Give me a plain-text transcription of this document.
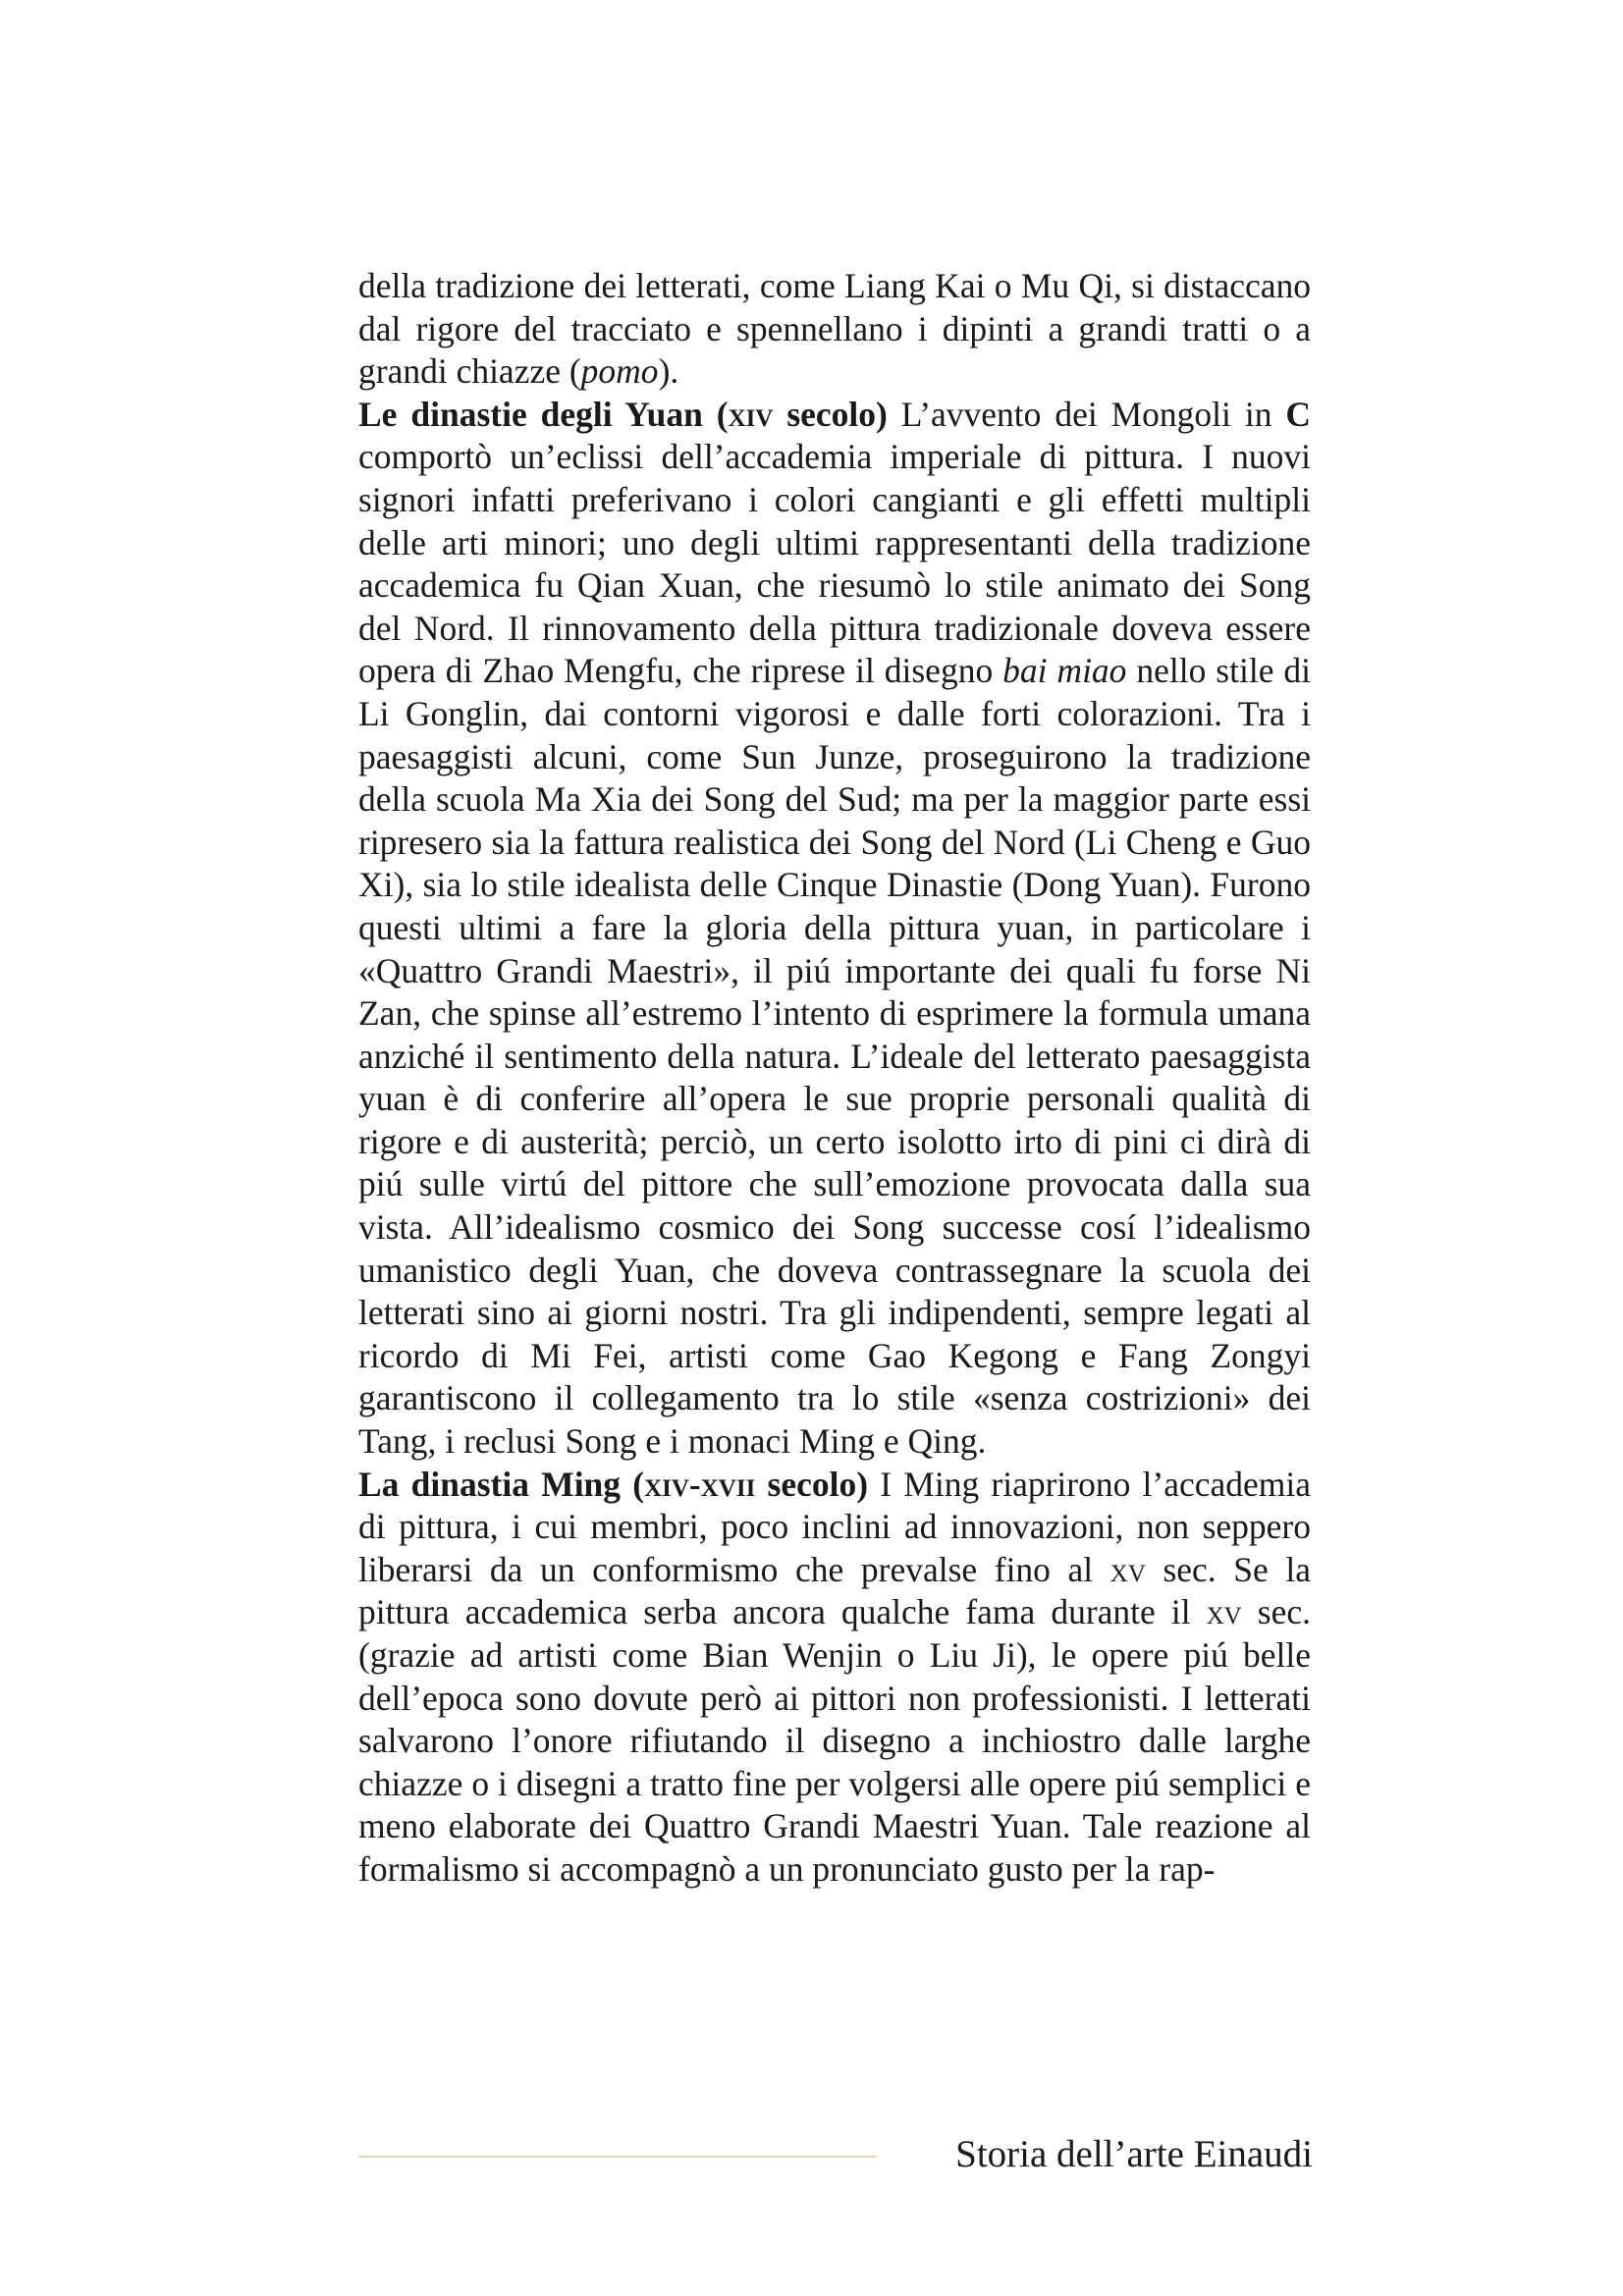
della tradizione dei letterati, come Liang Kai o Mu Qi, si distaccano dal rigore del tracciato e spennellano i dipinti a grandi tratti o a grandi chiazze (pomo).

Le dinastie degli Yuan (xiv secolo) L’avvento dei Mongoli in C comportò un’eclissi dell’accademia imperiale di pittura. I nuovi signori infatti preferivano i colori cangianti e gli effetti multipli delle arti minori; uno degli ultimi rappresentanti della tradizione accademica fu Qian Xuan, che riesumò lo stile animato dei Song del Nord. Il rinnovamento della pittura tradizionale doveva essere opera di Zhao Mengfu, che riprese il disegno bai miao nello stile di Li Gonglin, dai contorni vigorosi e dalle forti colorazioni. Tra i paesaggisti alcuni, come Sun Junze, proseguirono la tradizione della scuola Ma Xia dei Song del Sud; ma per la maggior parte essi ripresero sia la fattura realistica dei Song del Nord (Li Cheng e Guo Xi), sia lo stile idealista delle Cinque Dinastie (Dong Yuan). Furono questi ultimi a fare la gloria della pittura yuan, in particolare i «Quattro Grandi Maestri», il piú importante dei quali fu forse Ni Zan, che spinse all’estremo l’intento di esprimere la formula umana anziché il sentimento della natura. L’ideale del letterato paesaggista yuan è di conferire all’opera le sue proprie personali qualità di rigore e di austerità; perciò, un certo isolotto irto di pini ci dirà di piú sulle virtú del pittore che sull’emozione provocata dalla sua vista. All’idealismo cosmico dei Song successe cosí l’idealismo umanistico degli Yuan, che doveva contrassegnare la scuola dei letterati sino ai giorni nostri. Tra gli indipendenti, sempre legati al ricordo di Mi Fei, artisti come Gao Kegong e Fang Zongyi garantiscono il collegamento tra lo stile «senza costrizioni» dei Tang, i reclusi Song e i monaci Ming e Qing.

La dinastia Ming (xiv-xvii secolo) I Ming riaprirono l’accademia di pittura, i cui membri, poco inclini ad innovazioni, non seppero liberarsi da un conformismo che prevalse fino al xv sec. Se la pittura accademica serba ancora qualche fama durante il xv sec. (grazie ad artisti come Bian Wenjin o Liu Ji), le opere piú belle dell’epoca sono dovute però ai pittori non professionisti. I letterati salvarono l’onore rifiutando il disegno a inchiostro dalle larghe chiazze o i disegni a tratto fine per volgersi alle opere piú semplici e meno elaborate dei Quattro Grandi Maestri Yuan. Tale reazione al formalismo si accompagnò a un pronunciato gusto per la rap-

Storia dell’arte Einaudi
